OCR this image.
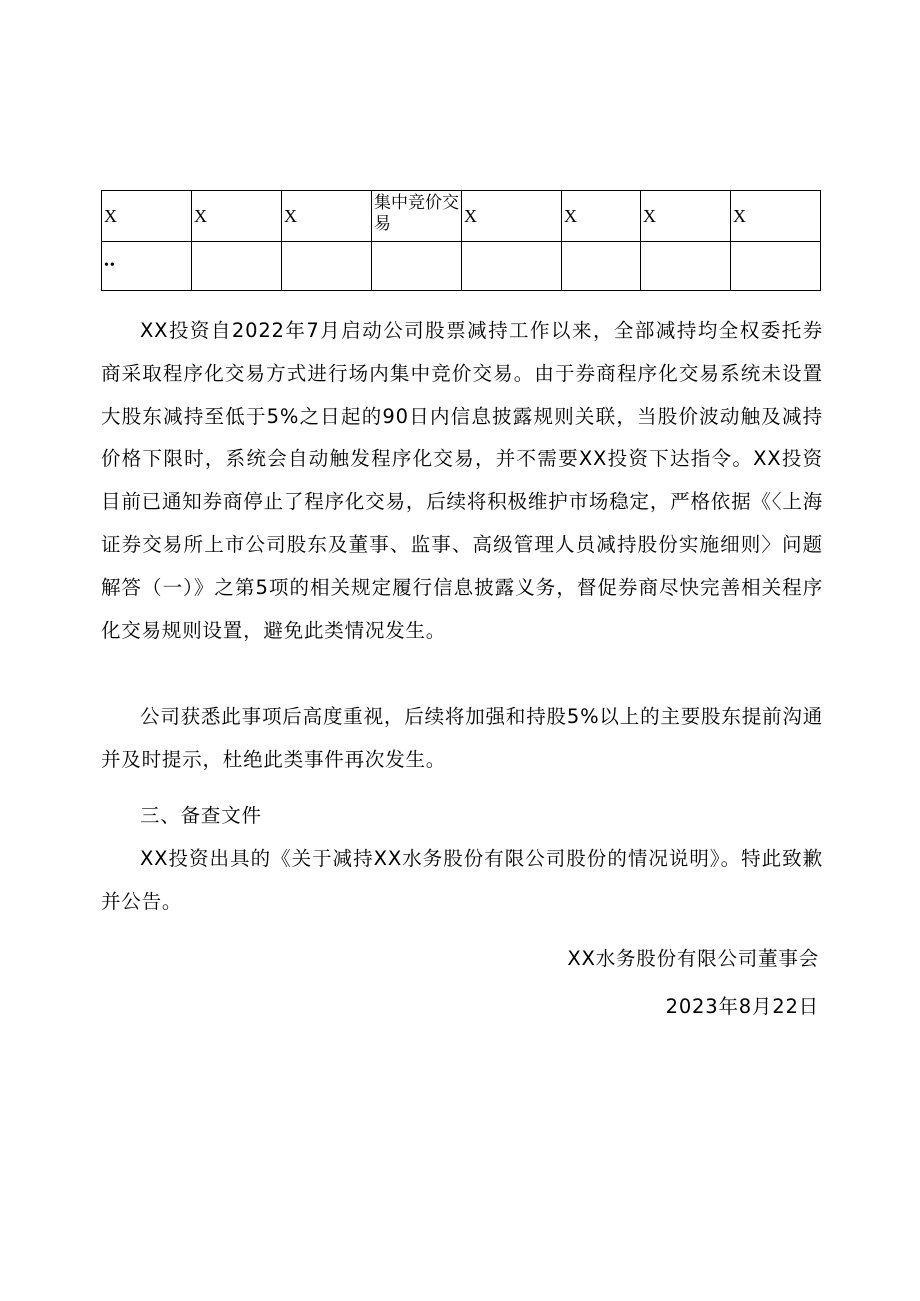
X	X	X	集中竞价交易	X	X	X	X
••							

XX投资自2022年7月启动公司股票减持工作以来，全部减持均全权委托券商采取程序化交易方式进行场内集中竞价交易。由于券商程序化交易系统未设置大股东减持至低于5%之日起的90日内信息披露规则关联，当股价波动触及减持价格下限时，系统会自动触发程序化交易，并不需要XX投资下达指令。XX投资目前已通知券商停止了程序化交易，后续将积极维护市场稳定，严格依据《〈上海证券交易所上市公司股东及董事、监事、高级管理人员减持股份实施细则〉问题解答（一）》之第5项的相关规定履行信息披露义务，督促券商尽快完善相关程序化交易规则设置，避免此类情况发生。

公司获悉此事项后高度重视，后续将加强和持股5%以上的主要股东提前沟通并及时提示，杜绝此类事件再次发生。

三、备查文件

XX投资出具的《关于减持XX水务股份有限公司股份的情况说明》。特此致歉并公告。

XX水务股份有限公司董事会

2023年8月22日
